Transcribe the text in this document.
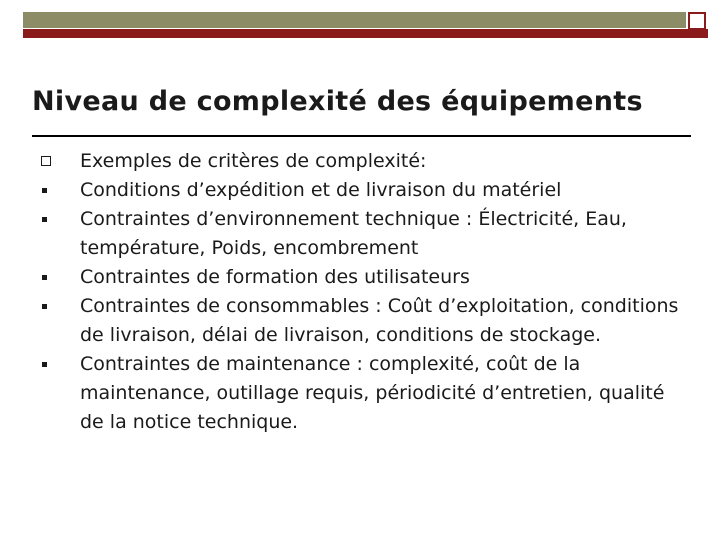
Niveau de complexité des équipements
Exemples de critères de complexité:
Conditions d’expédition et de livraison du matériel
Contraintes d’environnement technique : Électricité, Eau, température, Poids, encombrement
Contraintes de formation des utilisateurs
Contraintes de consommables : Coût d’exploitation, conditions de livraison, délai de livraison, conditions de stockage.
Contraintes de maintenance : complexité, coût de la maintenance, outillage requis, périodicité d’entretien, qualité de la notice technique.
